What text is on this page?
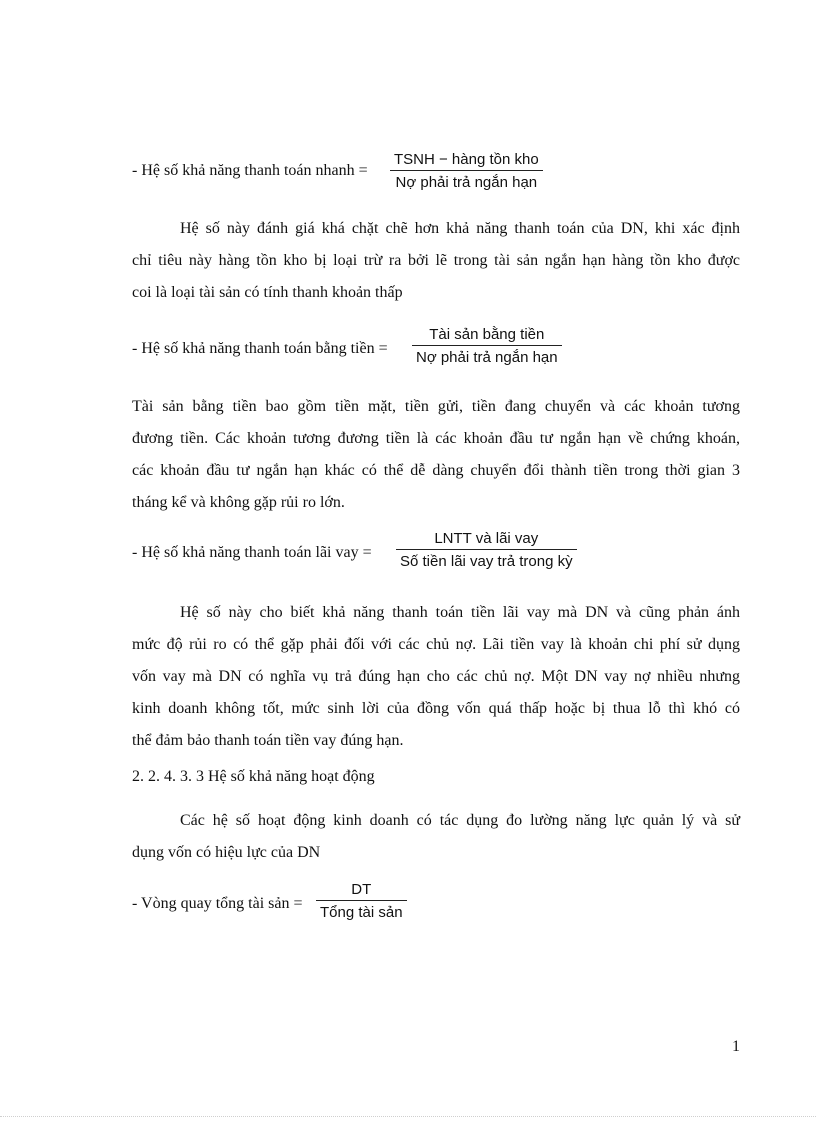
- Hệ số khả năng thanh toán nhanh =
TSNH − hàng tồn kho
Nợ phải trả ngắn hạn
Hệ số này đánh giá khá chặt chẽ hơn khả năng thanh toán của DN, khi xác định
chỉ tiêu này hàng tồn kho bị loại trừ ra bởi lẽ trong tài sản ngắn hạn hàng tồn kho được
coi là loại tài sản có tính thanh khoản thấp
- Hệ số khả năng thanh toán bằng tiền =
Tài sản bằng tiền
Nợ phải trả ngắn hạn
Tài sản bằng tiền bao gồm tiền mặt, tiền gửi, tiền đang chuyển và các khoản tương
đương tiền. Các khoản tương đương tiền là các khoản đầu tư ngắn hạn về chứng khoán,
các khoản đầu tư ngắn hạn khác có thể dễ dàng chuyển đổi thành tiền trong thời gian 3
tháng kể và không gặp rủi ro lớn.
- Hệ số khả năng thanh toán lãi vay =
LNTT và lãi vay
Số tiền lãi vay trả trong kỳ
Hệ số này cho biết khả năng thanh toán tiền lãi vay mà DN và cũng phản ánh
mức độ rủi ro có thể gặp phải đối với các chủ nợ. Lãi tiền vay là khoản chi phí sử dụng
vốn vay mà DN có nghĩa vụ trả đúng hạn cho các chủ nợ. Một DN vay nợ nhiều nhưng
kinh doanh không tốt, mức sinh lời của đồng vốn quá thấp hoặc bị thua lỗ thì khó có
thể đảm bảo thanh toán tiền vay đúng hạn.
2. 2. 4. 3. 3 Hệ số khả năng hoạt động
Các hệ số hoạt động kinh doanh có tác dụng đo lường năng lực quản lý và sử
dụng vốn có hiệu lực của DN
- Vòng quay tổng tài sản =
DT
Tổng tài sản
1
